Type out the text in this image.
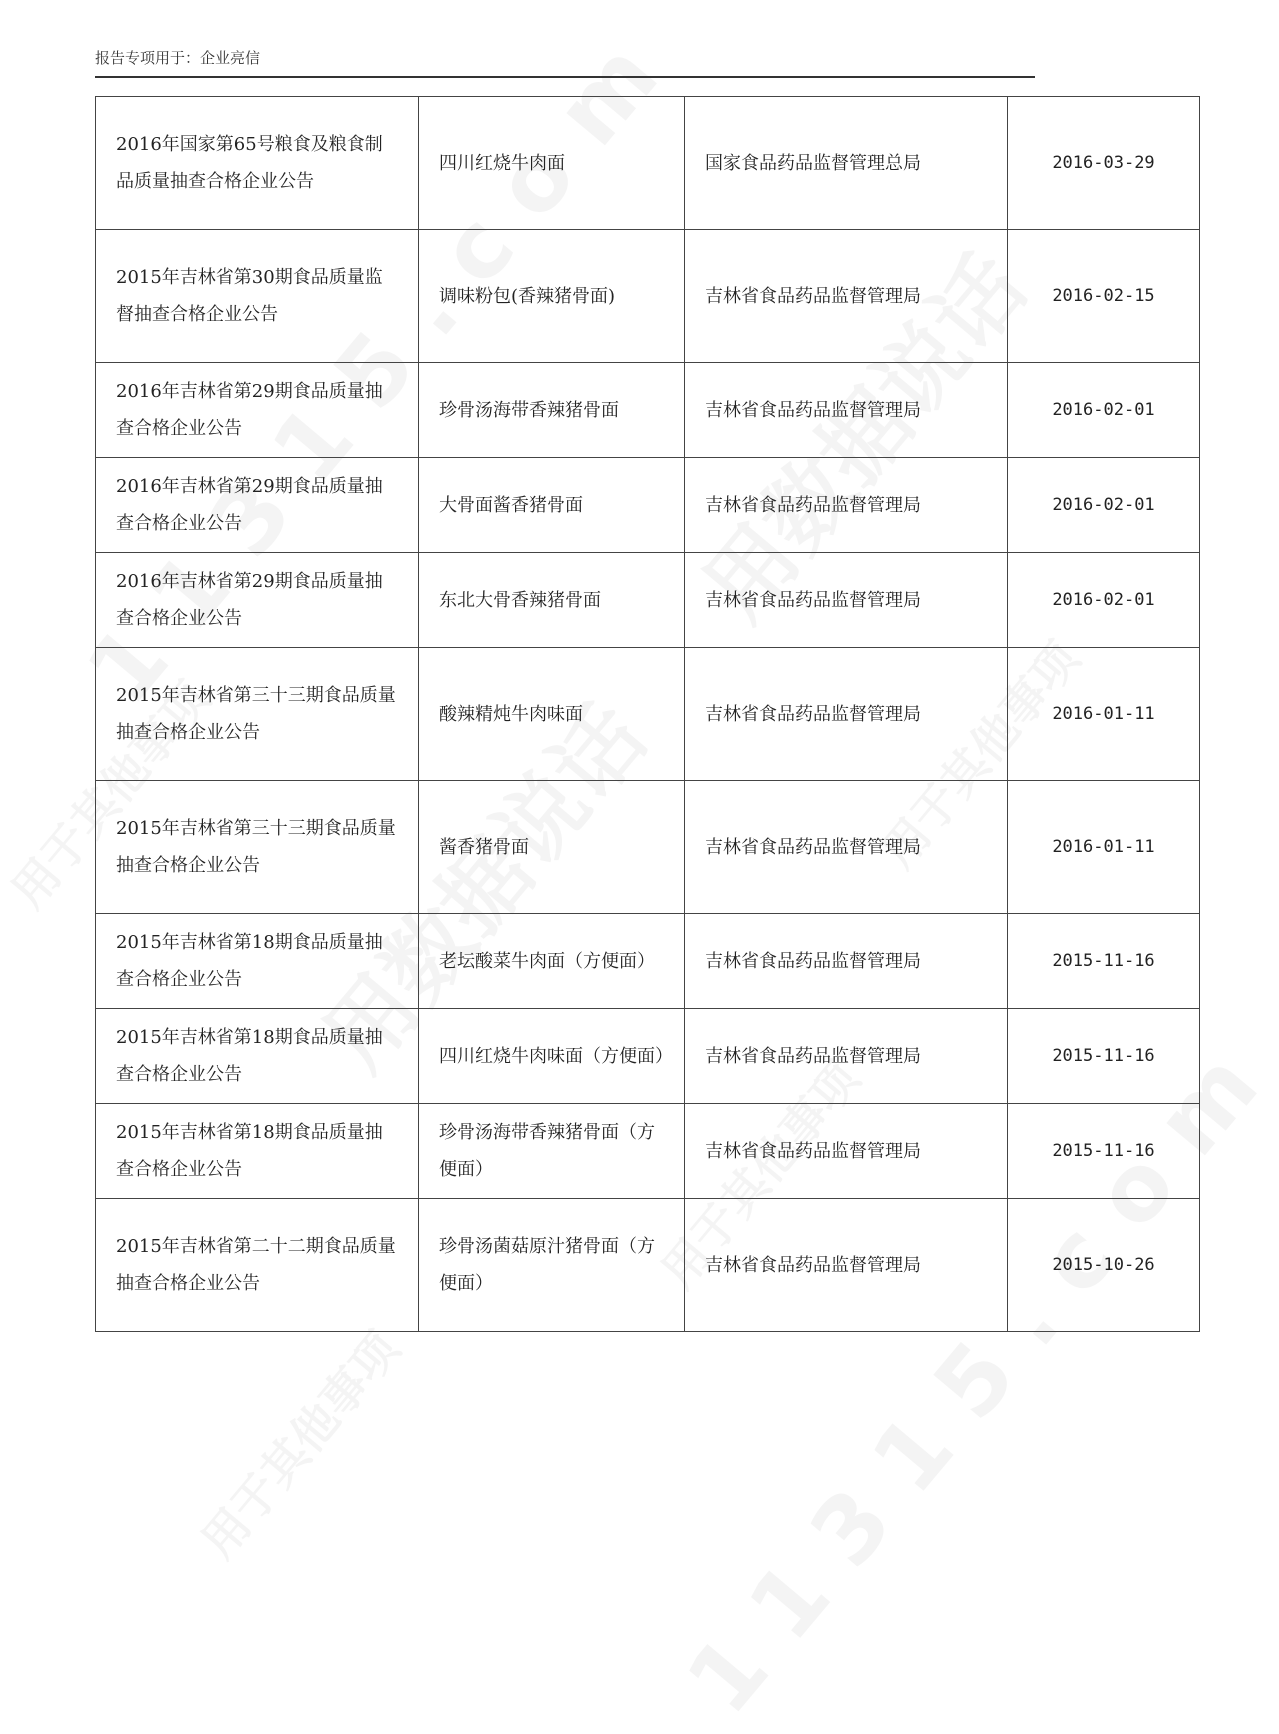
报告专项用于：企业亮信
2016年国家第65号粮食及粮食制品质量抽查合格企业公告	四川红烧牛肉面	国家食品药品监督管理总局	2016-03-29
2015年吉林省第30期食品质量监督抽查合格企业公告	调味粉包(香辣猪骨面)	吉林省食品药品监督管理局	2016-02-15
2016年吉林省第29期食品质量抽查合格企业公告	珍骨汤海带香辣猪骨面	吉林省食品药品监督管理局	2016-02-01
2016年吉林省第29期食品质量抽查合格企业公告	大骨面酱香猪骨面	吉林省食品药品监督管理局	2016-02-01
2016年吉林省第29期食品质量抽查合格企业公告	东北大骨香辣猪骨面	吉林省食品药品监督管理局	2016-02-01
2015年吉林省第三十三期食品质量抽查合格企业公告	酸辣精炖牛肉味面	吉林省食品药品监督管理局	2016-01-11
2015年吉林省第三十三期食品质量抽查合格企业公告	酱香猪骨面	吉林省食品药品监督管理局	2016-01-11
2015年吉林省第18期食品质量抽查合格企业公告	老坛酸菜牛肉面（方便面）	吉林省食品药品监督管理局	2015-11-16
2015年吉林省第18期食品质量抽查合格企业公告	四川红烧牛肉味面（方便面）	吉林省食品药品监督管理局	2015-11-16
2015年吉林省第18期食品质量抽查合格企业公告	珍骨汤海带香辣猪骨面（方便面）	吉林省食品药品监督管理局	2015-11-16
2015年吉林省第二十二期食品质量抽查合格企业公告	珍骨汤菌菇原汁猪骨面（方便面）	吉林省食品药品监督管理局	2015-10-26
